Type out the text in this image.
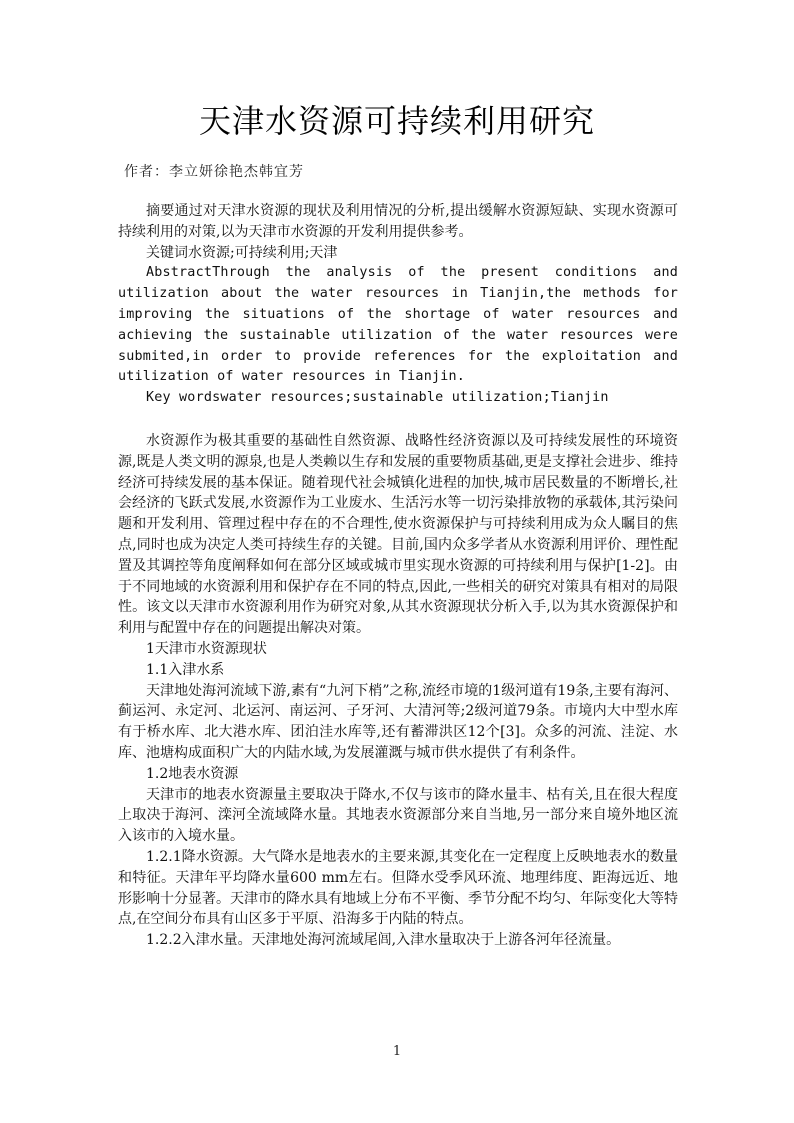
天津水资源可持续利用研究
作者：李立妍徐艳杰韩宜芳

摘要通过对天津水资源的现状及利用情况的分析,提出缓解水资源短缺、实现水资源可持续利用的对策,以为天津市水资源的开发利用提供参考。

关键词水资源;可持续利用;天津

AbstractThrough the analysis of the present conditions and utilization about the water resources in Tianjin,the methods for improving the situations of the shortage of water resources and achieving the sustainable utilization of the water resources were submited,in order to provide references for the exploitation and utilization of water resources in Tianjin.

Key wordswater resources;sustainable utilization;Tianjin

水资源作为极其重要的基础性自然资源、战略性经济资源以及可持续发展性的环境资源,既是人类文明的源泉,也是人类赖以生存和发展的重要物质基础,更是支撑社会进步、维持经济可持续发展的基本保证。随着现代社会城镇化进程的加快,城市居民数量的不断增长,社会经济的飞跃式发展,水资源作为工业废水、生活污水等一切污染排放物的承载体,其污染问题和开发利用、管理过程中存在的不合理性,使水资源保护与可持续利用成为众人瞩目的焦点,同时也成为决定人类可持续生存的关键。目前,国内众多学者从水资源利用评价、理性配置及其调控等角度阐释如何在部分区域或城市里实现水资源的可持续利用与保护[1-2]。由于不同地域的水资源利用和保护存在不同的特点,因此,一些相关的研究对策具有相对的局限性。该文以天津市水资源利用作为研究对象,从其水资源现状分析入手,以为其水资源保护和利用与配置中存在的问题提出解决对策。

1天津市水资源现状

1.1入津水系

天津地处海河流域下游,素有“九河下梢”之称,流经市境的1级河道有19条,主要有海河、蓟运河、永定河、北运河、南运河、子牙河、大清河等;2级河道79条。市境内大中型水库有于桥水库、北大港水库、团泊洼水库等,还有蓄滞洪区12个[3]。众多的河流、洼淀、水库、池塘构成面积广大的内陆水域,为发展灌溉与城市供水提供了有利条件。

1.2地表水资源

天津市的地表水资源量主要取决于降水,不仅与该市的降水量丰、枯有关,且在很大程度上取决于海河、滦河全流域降水量。其地表水资源部分来自当地,另一部分来自境外地区流入该市的入境水量。

1.2.1降水资源。大气降水是地表水的主要来源,其变化在一定程度上反映地表水的数量和特征。天津年平均降水量600 mm左右。但降水受季风环流、地理纬度、距海远近、地形影响十分显著。天津市的降水具有地域上分布不平衡、季节分配不均匀、年际变化大等特点,在空间分布具有山区多于平原、沿海多于内陆的特点。

1.2.2入津水量。天津地处海河流域尾闾,入津水量取决于上游各河年径流量。

1
